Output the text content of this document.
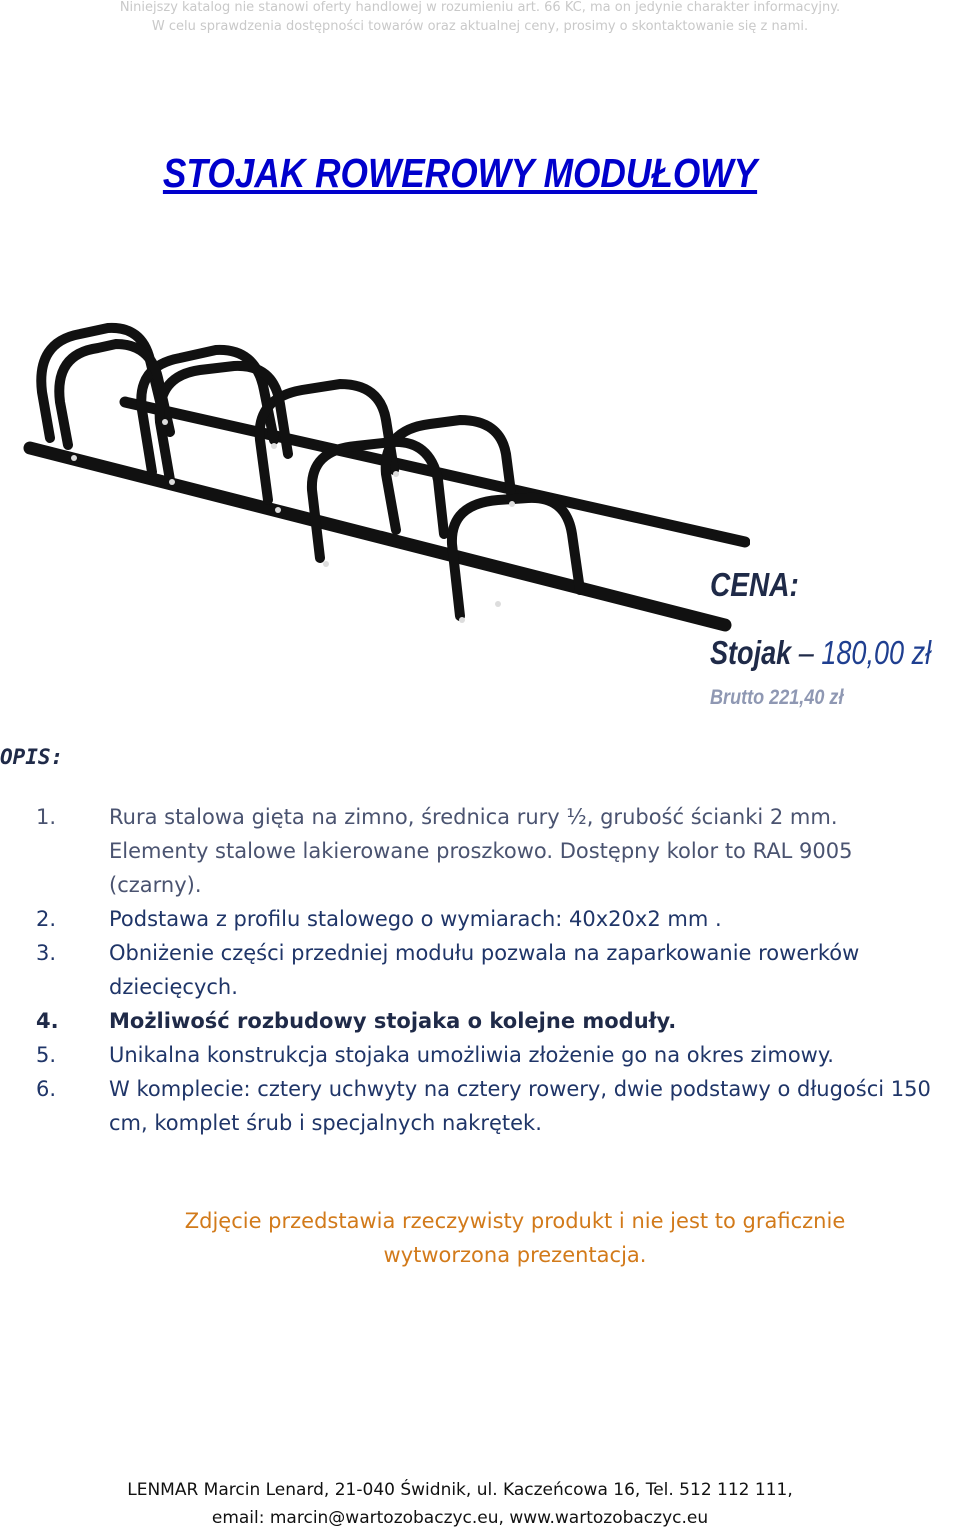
Niniejszy katalog nie stanowi oferty handlowej w rozumieniu art. 66 KC, ma on jedynie charakter informacyjny.
W celu sprawdzenia dostępności towarów oraz aktualnej ceny, prosimy o skontaktowanie się z nami.
STOJAK ROWEROWY MODUŁOWY
CENA:
Stojak – 180,00 zł
Brutto 221,40 zł
OPIS:
1.	Rura stalowa gięta na zimno, średnica rury ½, grubość ścianki 2 mm. Elementy stalowe lakierowane proszkowo. Dostępny kolor to RAL 9005 (czarny).
2.	Podstawa z profilu stalowego o wymiarach: 40x20x2 mm .
3.	Obniżenie części przedniej modułu pozwala na zaparkowanie rowerków dziecięcych.
4. Możliwość rozbudowy stojaka o kolejne moduły.
5.	Unikalna konstrukcja stojaka umożliwia złożenie go na okres zimowy.
6.	W komplecie: cztery uchwyty na cztery rowery, dwie podstawy o długości 150 cm, komplet śrub i specjalnych nakrętek.

Zdjęcie przedstawia rzeczywisty produkt i nie jest to graficznie wytworzona prezentacja.

LENMAR Marcin Lenard, 21-040 Świdnik, ul. Kaczeńcowa 16, Tel. 512 112 111,

email: marcin@wartozobaczyc.eu, www.wartozobaczyc.eu
